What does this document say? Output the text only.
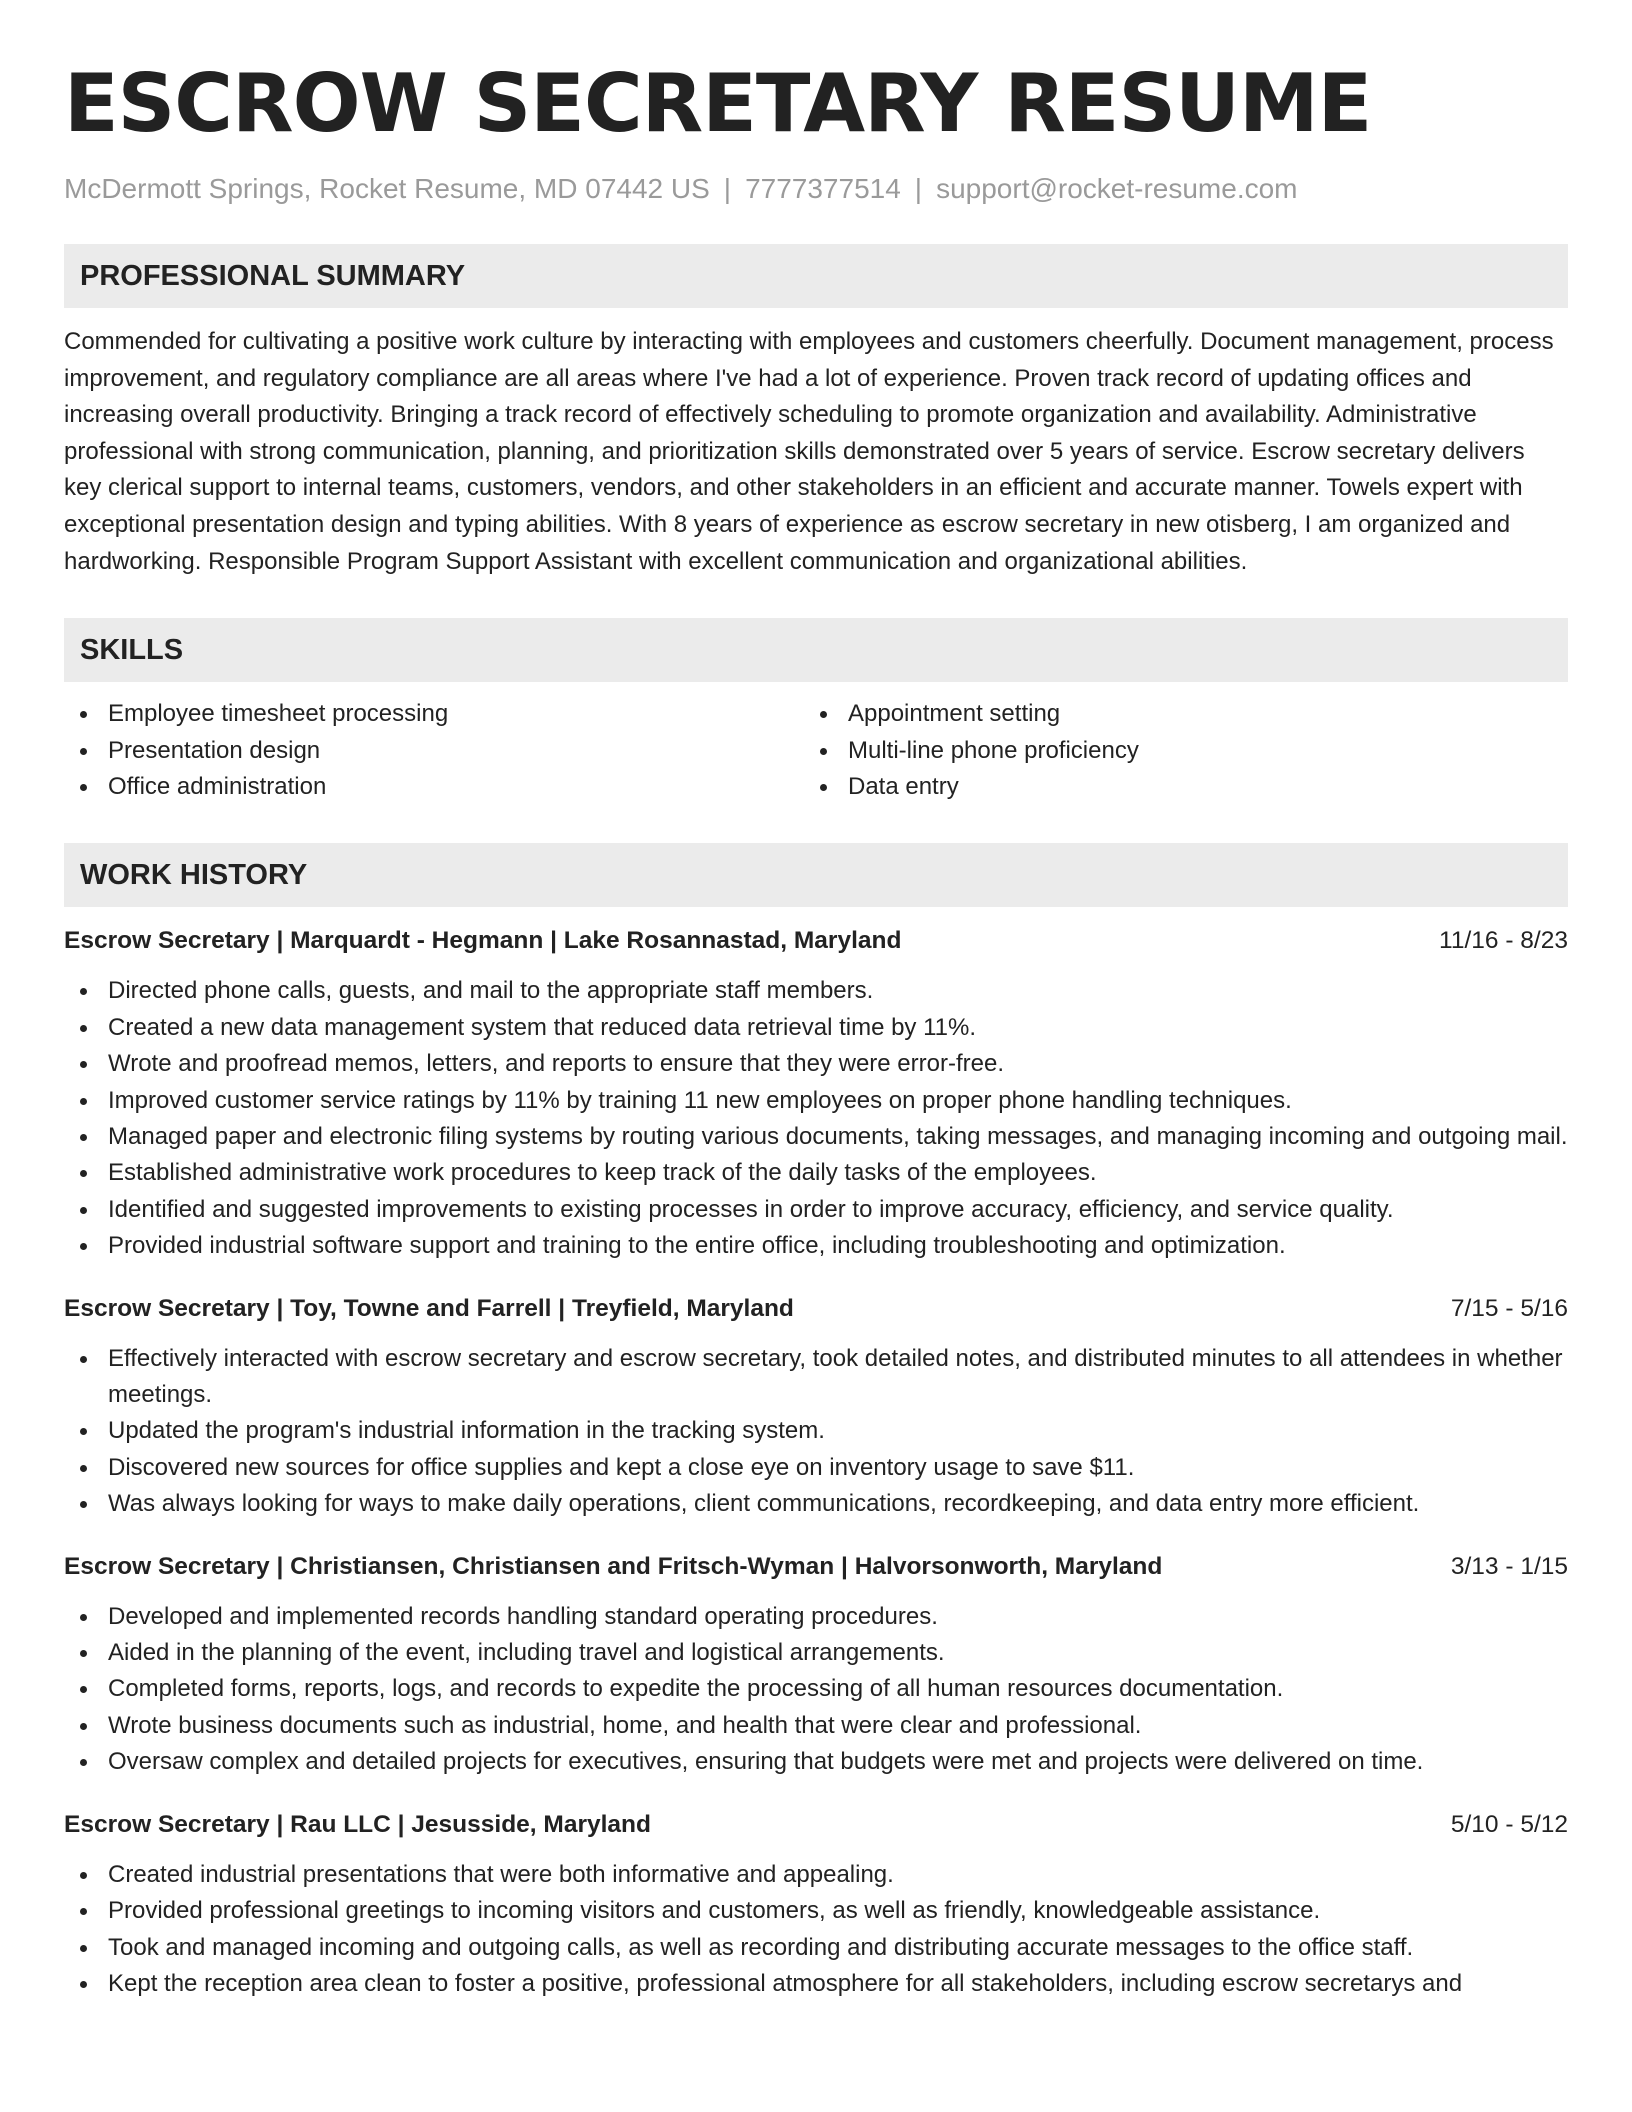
ESCROW SECRETARY RESUME
McDermott Springs, Rocket Resume, MD 07442 US | 7777377514 | support@rocket-resume.com
PROFESSIONAL SUMMARY

Commended for cultivating a positive work culture by interacting with employees and customers cheerfully. Document management, process improvement, and regulatory compliance are all areas where I've had a lot of experience. Proven track record of updating offices and increasing overall productivity. Bringing a track record of effectively scheduling to promote organization and availability. Administrative professional with strong communication, planning, and prioritization skills demonstrated over 5 years of service. Escrow secretary delivers key clerical support to internal teams, customers, vendors, and other stakeholders in an efficient and accurate manner. Towels expert with exceptional presentation design and typing abilities. With 8 years of experience as escrow secretary in new otisberg, I am organized and hardworking. Responsible Program Support Assistant with excellent communication and organizational abilities.

SKILLS
Employee timesheet processing
Presentation design
Office administration
Appointment setting
Multi-line phone proficiency
Data entry
WORK HISTORY
Escrow Secretary | Marquardt - Hegmann | Lake Rosannastad, Maryland	11/16 - 8/23
Directed phone calls, guests, and mail to the appropriate staff members.
Created a new data management system that reduced data retrieval time by 11%.
Wrote and proofread memos, letters, and reports to ensure that they were error-free.
Improved customer service ratings by 11% by training 11 new employees on proper phone handling techniques.
Managed paper and electronic filing systems by routing various documents, taking messages, and managing incoming and outgoing mail.
Established administrative work procedures to keep track of the daily tasks of the employees.
Identified and suggested improvements to existing processes in order to improve accuracy, efficiency, and service quality.
Provided industrial software support and training to the entire office, including troubleshooting and optimization.
Escrow Secretary | Toy, Towne and Farrell | Treyfield, Maryland	7/15 - 5/16
Effectively interacted with escrow secretary and escrow secretary, took detailed notes, and distributed minutes to all attendees in whether meetings.
Updated the program's industrial information in the tracking system.
Discovered new sources for office supplies and kept a close eye on inventory usage to save $11.
Was always looking for ways to make daily operations, client communications, recordkeeping, and data entry more efficient.
Escrow Secretary | Christiansen, Christiansen and Fritsch-Wyman | Halvorsonworth, Maryland	3/13 - 1/15
Developed and implemented records handling standard operating procedures.
Aided in the planning of the event, including travel and logistical arrangements.
Completed forms, reports, logs, and records to expedite the processing of all human resources documentation.
Wrote business documents such as industrial, home, and health that were clear and professional.
Oversaw complex and detailed projects for executives, ensuring that budgets were met and projects were delivered on time.
Escrow Secretary | Rau LLC | Jesusside, Maryland	5/10 - 5/12
Created industrial presentations that were both informative and appealing.
Provided professional greetings to incoming visitors and customers, as well as friendly, knowledgeable assistance.
Took and managed incoming and outgoing calls, as well as recording and distributing accurate messages to the office staff.
Kept the reception area clean to foster a positive, professional atmosphere for all stakeholders, including escrow secretarys and
